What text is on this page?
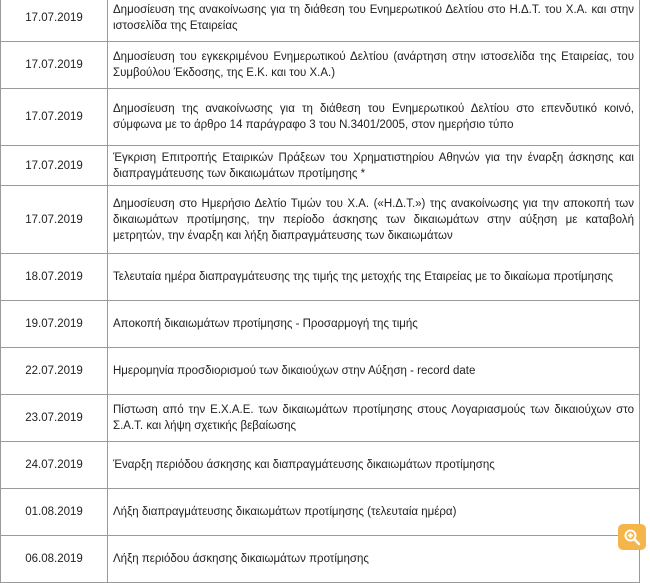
17.07.2019	Δημοσίευση της ανακοίνωσης για τη διάθεση του Ενημερωτικού Δελτίου στο Η.Δ.Τ. του Χ.Α. και στην ιστοσελίδα της Εταιρείας
17.07.2019	Δημοσίευση του εγκεκριμένου Ενημερωτικού Δελτίου (ανάρτηση στην ιστοσελίδα της Εταιρείας, του Συμβούλου Έκδοσης, της Ε.Κ. και του Χ.Α.)
17.07.2019	Δημοσίευση της ανακοίνωσης για τη διάθεση του Ενημερωτικού Δελτίου στο επενδυτικό κοινό, σύμφωνα με το άρθρο 14 παράγραφο 3 του Ν.3401/2005, στον ημερήσιο τύπο
17.07.2019	Έγκριση Επιτροπής Εταιρικών Πράξεων του Χρηματιστηρίου Αθηνών για την έναρξη άσκησης και διαπραγμάτευσης των δικαιωμάτων προτίμησης *
17.07.2019	Δημοσίευση στο Ημερήσιο Δελτίο Τιμών του Χ.Α. («Η.Δ.Τ.») της ανακοίνωσης για την αποκοπή των δικαιωμάτων προτίμησης, την περίοδο άσκησης των δικαιωμάτων στην αύξηση με καταβολή μετρητών, την έναρξη και λήξη διαπραγμάτευσης των δικαιωμάτων
18.07.2019	Τελευταία ημέρα διαπραγμάτευσης της τιμής της μετοχής της Εταιρείας με το δικαίωμα προτίμησης
19.07.2019	Αποκοπή δικαιωμάτων προτίμησης - Προσαρμογή της τιμής
22.07.2019	Ημερομηνία προσδιορισμού των δικαιούχων στην Αύξηση - record date
23.07.2019	Πίστωση από την Ε.Χ.Α.Ε. των δικαιωμάτων προτίμησης στους Λογαριασμούς των δικαιούχων στο Σ.Α.Τ. και λήψη σχετικής βεβαίωσης
24.07.2019	Έναρξη περιόδου άσκησης και διαπραγμάτευσης δικαιωμάτων προτίμησης
01.08.2019	Λήξη διαπραγμάτευσης δικαιωμάτων προτίμησης (τελευταία ημέρα)
06.08.2019	Λήξη περιόδου άσκησης δικαιωμάτων προτίμησης
